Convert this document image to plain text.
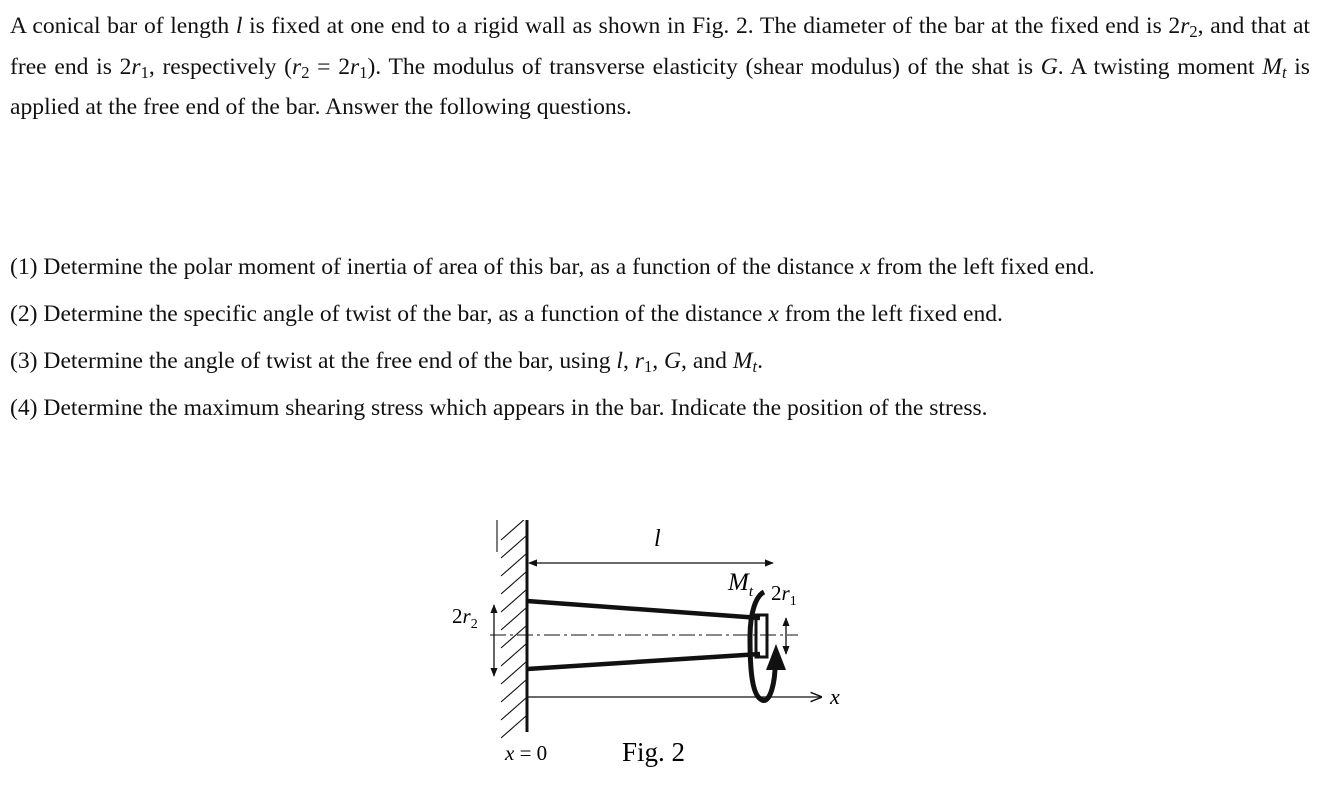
A conical bar of length l is fixed at one end to a rigid wall as shown in Fig. 2. The diameter of the bar at the fixed end is $2r_2$, and that at free end is $2r_1$, respectively $(r_2 = 2r_1)$. The modulus of transverse elasticity (shear modulus) of the shat is G. A twisting moment $M_t$ is applied at the free end of the bar. Answer the following questions.

(1) Determine the polar moment of inertia of area of this bar, as a function of the distance x from the left fixed end.
(2) Determine the specific angle of twist of the bar, as a function of the distance x from the left fixed end.
(3) Determine the angle of twist at the free end of the bar, using l, $r_1$, G, and $M_t$.
(4) Determine the maximum shearing stress which appears in the bar. Indicate the position of the stress.
l
$2r_2$
$2r_1$
$M_t$
x
x = 0	Fig. 2
